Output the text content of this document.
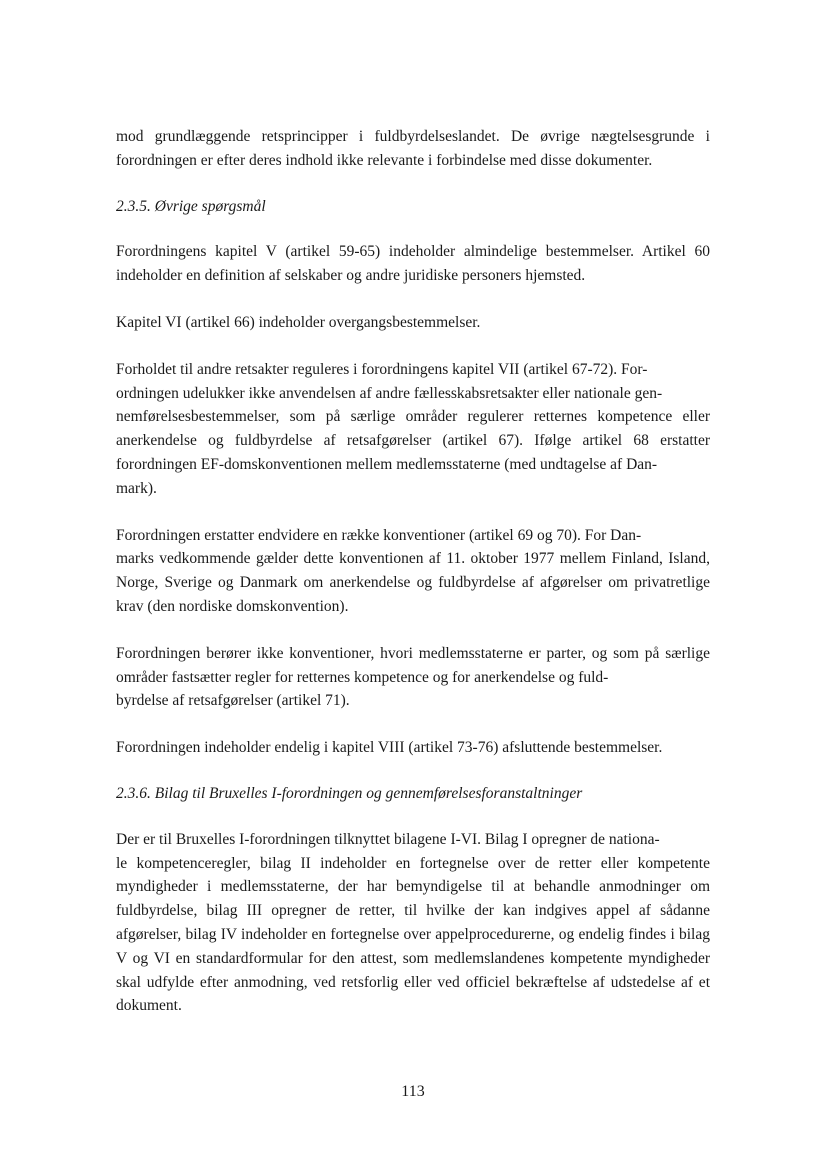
mod grundlæggende retsprincipper i fuldbyrdelseslandet. De øvrige nægtelsesgrunde i forordningen er efter deres indhold ikke relevante i forbindelse med disse dokumenter.

2.3.5. Øvrige spørgsmål

Forordningens kapitel V (artikel 59-65) indeholder almindelige bestemmelser. Artikel 60 indeholder en definition af selskaber og andre juridiske personers hjemsted.

Kapitel VI (artikel 66) indeholder overgangsbestemmelser.

Forholdet til andre retsakter reguleres i forordningens kapitel VII (artikel 67-72). For-
ordningen udelukker ikke anvendelsen af andre fællesskabsretsakter eller nationale gen-
nemførelsesbestemmelser, som på særlige områder regulerer retternes kompetence eller anerkendelse og fuldbyrdelse af retsafgørelser (artikel 67). Ifølge artikel 68 erstatter forordningen EF-domskonventionen mellem medlemsstaterne (med undtagelse af Dan-
mark).

Forordningen erstatter endvidere en række konventioner (artikel 69 og 70). For Dan-
marks vedkommende gælder dette konventionen af 11. oktober 1977 mellem Finland, Island, Norge, Sverige og Danmark om anerkendelse og fuldbyrdelse af afgørelser om privatretlige krav (den nordiske domskonvention).

Forordningen berører ikke konventioner, hvori medlemsstaterne er parter, og som på særlige områder fastsætter regler for retternes kompetence og for anerkendelse og fuld-
byrdelse af retsafgørelser (artikel 71).

Forordningen indeholder endelig i kapitel VIII (artikel 73-76) afsluttende bestemmelser.

2.3.6. Bilag til Bruxelles I-forordningen og gennemførelsesforanstaltninger

Der er til Bruxelles I-forordningen tilknyttet bilagene I-VI. Bilag I opregner de nationa-
le kompetenceregler, bilag II indeholder en fortegnelse over de retter eller kompetente myndigheder i medlemsstaterne, der har bemyndigelse til at behandle anmodninger om fuldbyrdelse, bilag III opregner de retter, til hvilke der kan indgives appel af sådanne afgørelser, bilag IV indeholder en fortegnelse over appelprocedurerne, og endelig findes i bilag V og VI en standardformular for den attest, som medlemslandenes kompetente myndigheder skal udfylde efter anmodning, ved retsforlig eller ved officiel bekræftelse af udstedelse af et dokument.

113
